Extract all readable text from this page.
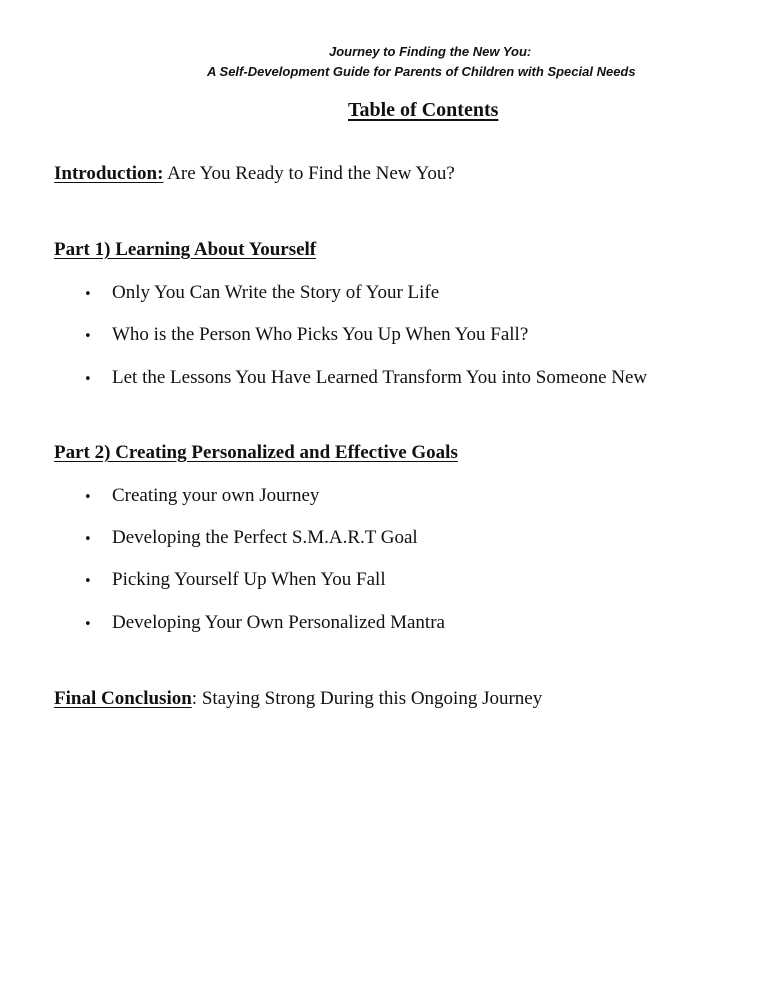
Journey to Finding the New You:
A Self-Development Guide for Parents of Children with Special Needs
Table of Contents
Introduction: Are You Ready to Find the New You?
Part 1) Learning About Yourself
• Only You Can Write the Story of Your Life
• Who is the Person Who Picks You Up When You Fall?
• Let the Lessons You Have Learned Transform You into Someone New
Part 2) Creating Personalized and Effective Goals
• Creating your own Journey
• Developing the Perfect S.M.A.R.T Goal
• Picking Yourself Up When You Fall
• Developing Your Own Personalized Mantra
Final Conclusion: Staying Strong During this Ongoing Journey
